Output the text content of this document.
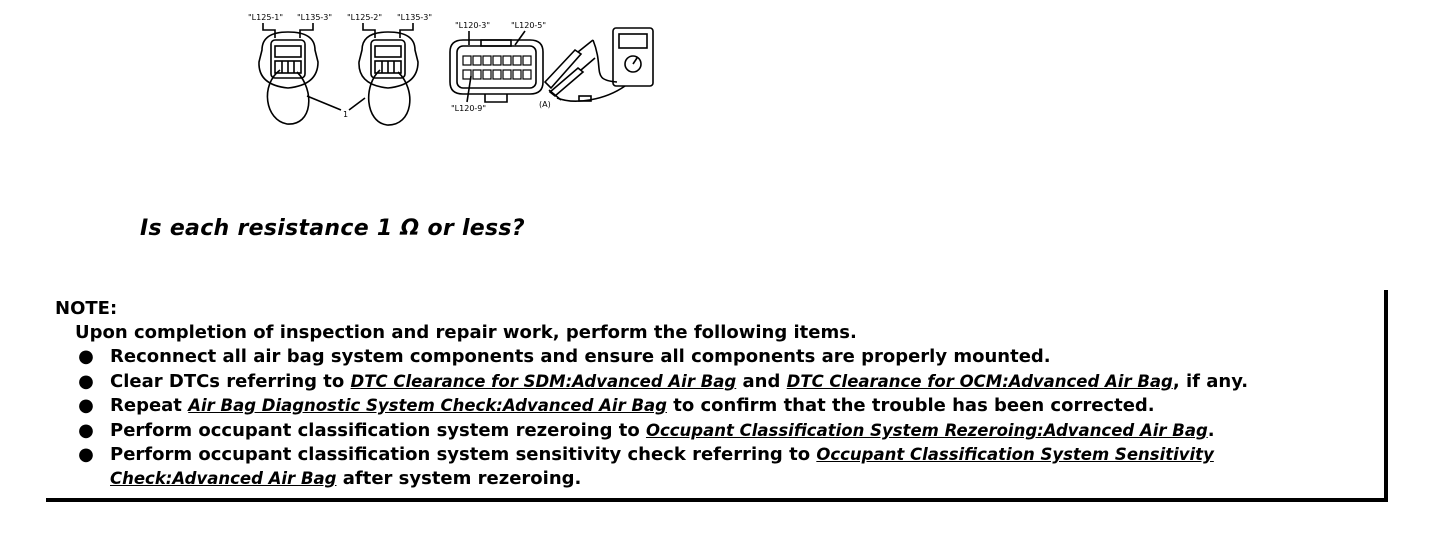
"L125-1" "L135-3" "L125-2" "L135-3"
"L120-3"	"L120-5"
"L120-9"	(A)
1
Is each resistance 1 Ω or less?
NOTE:
Upon completion of inspection and repair work, perform the following items.
● Reconnect all air bag system components and ensure all components are properly mounted.
● Clear DTCs referring to DTC Clearance for SDM:Advanced Air Bag and DTC Clearance for OCM:Advanced Air Bag, if any.
● Repeat Air Bag Diagnostic System Check:Advanced Air Bag to confirm that the trouble has been corrected.
● Perform occupant classification system rezeroing to Occupant Classification System Rezeroing:Advanced Air Bag.
● Perform occupant classification system sensitivity check referring to Occupant Classification System Sensitivity
Check:Advanced Air Bag after system rezeroing.
